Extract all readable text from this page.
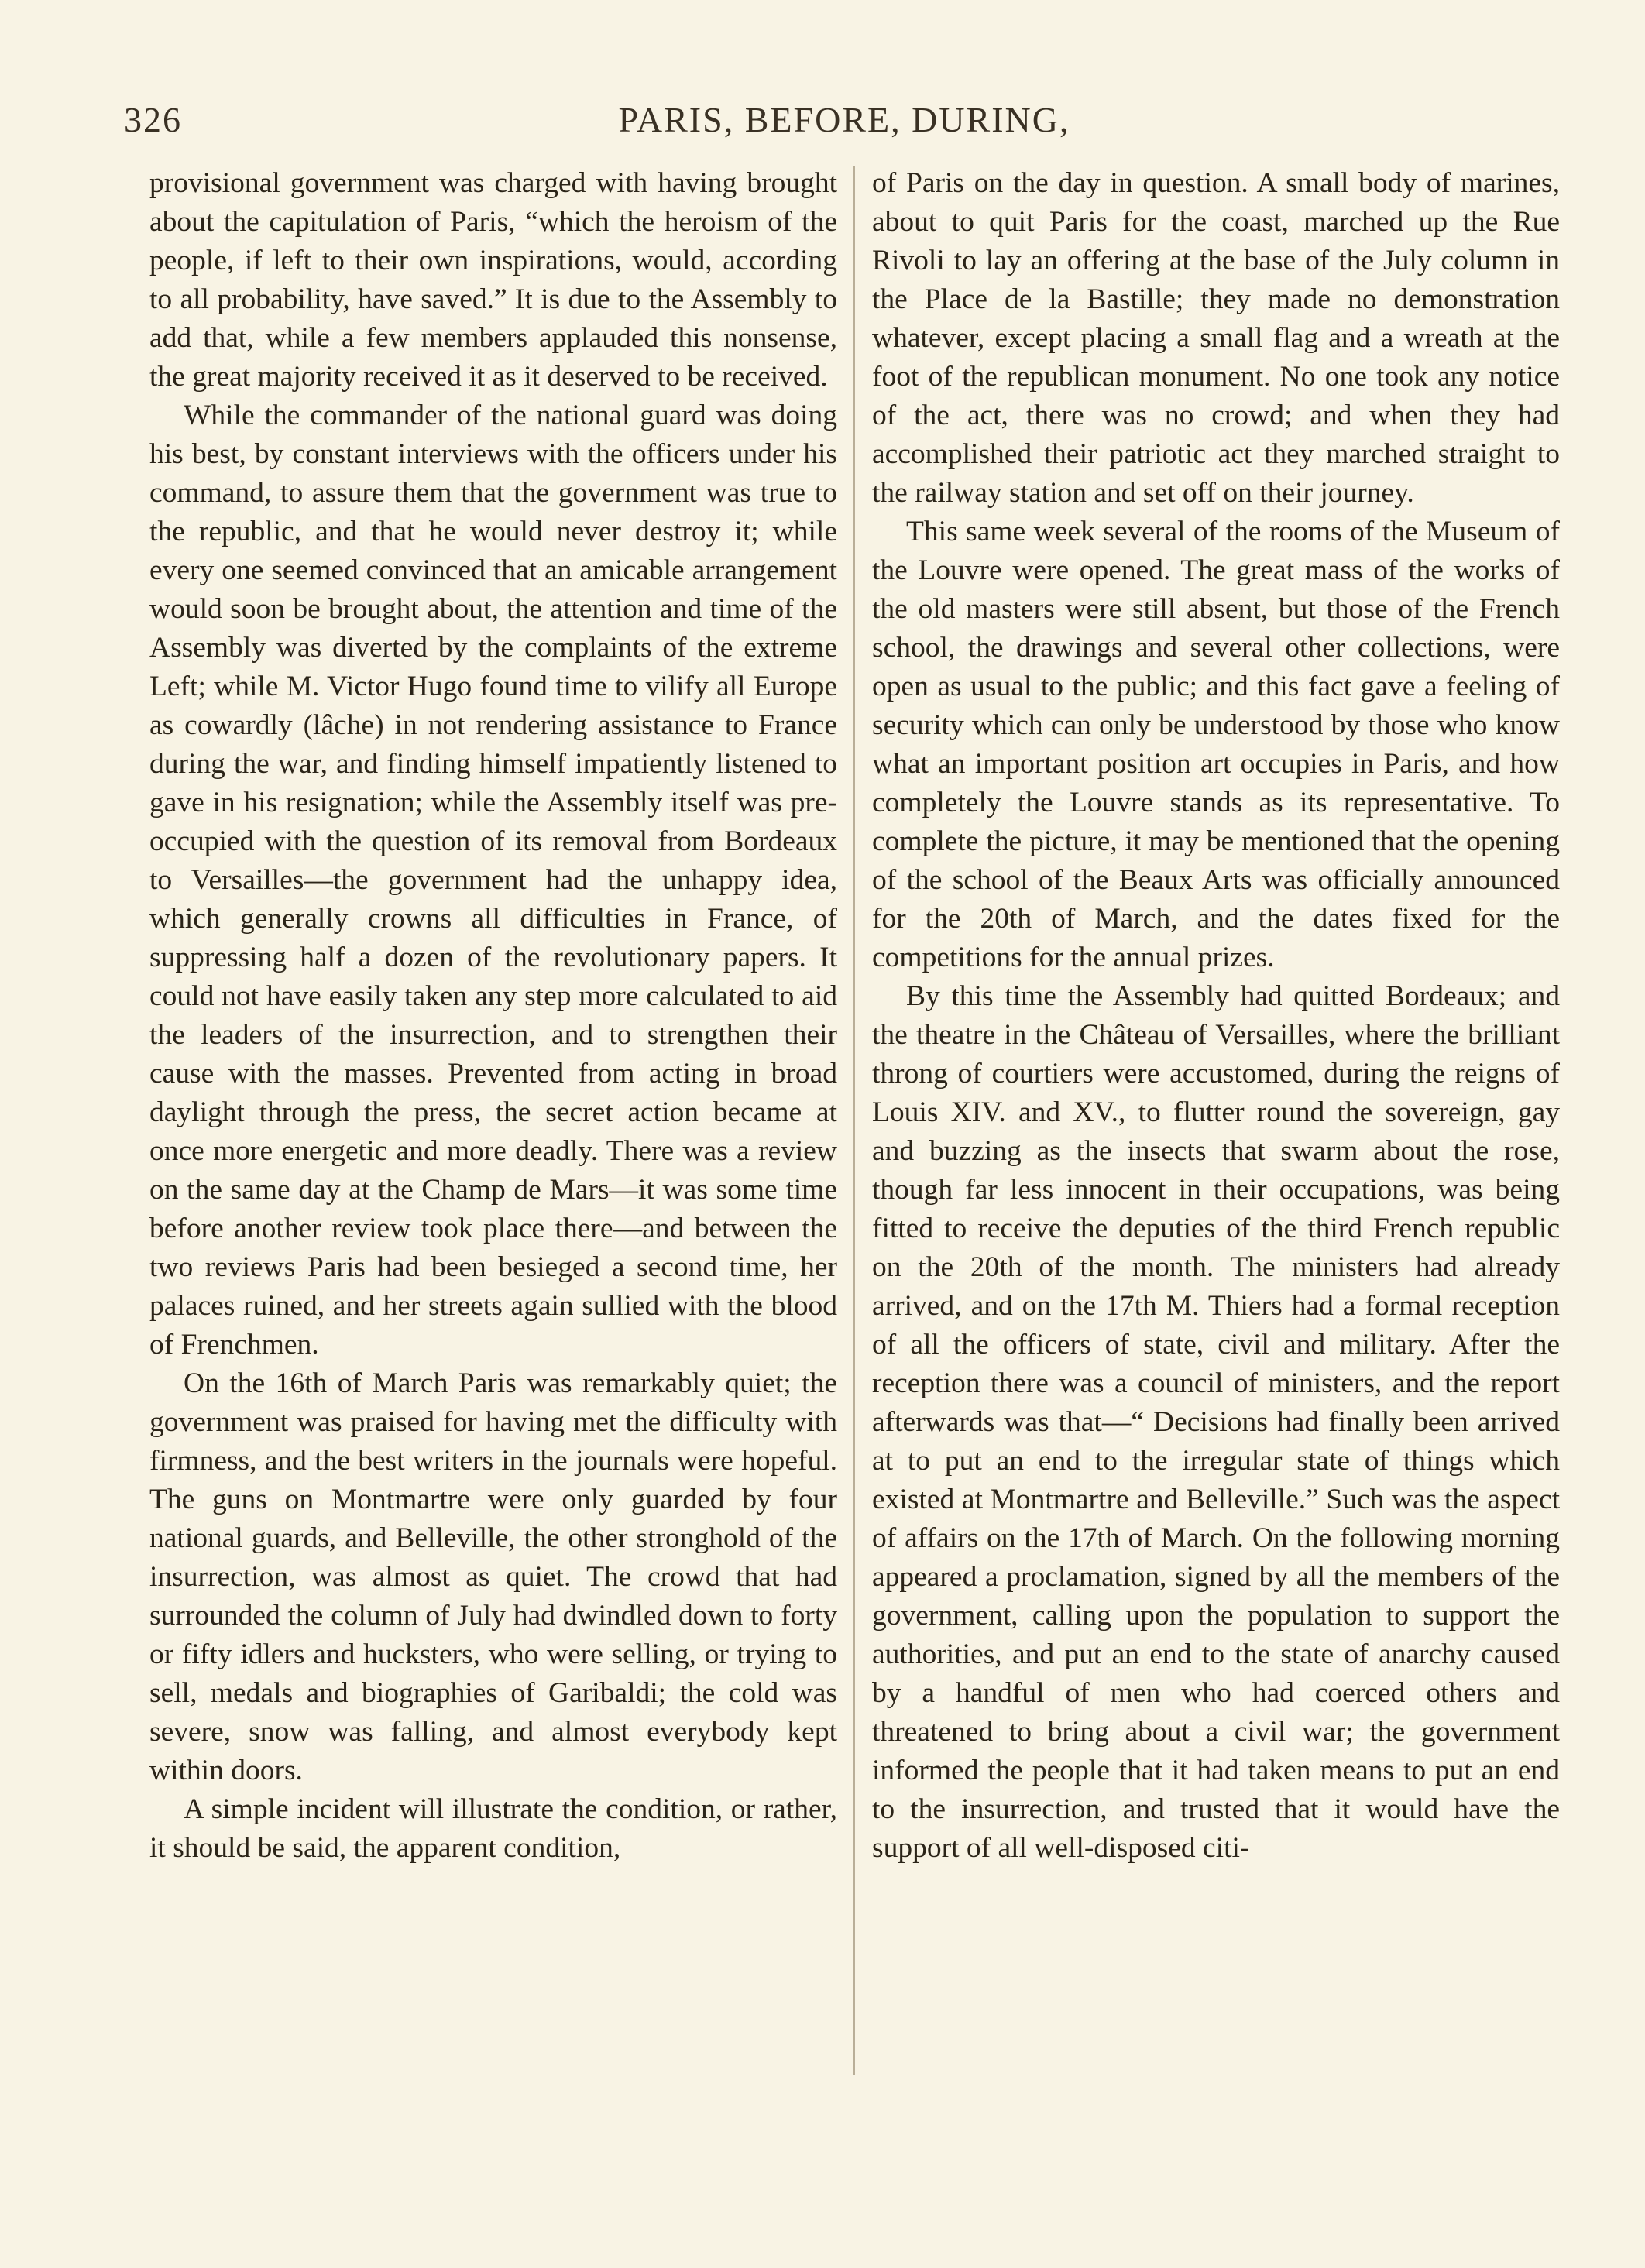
326	PARIS, BEFORE, DURING,

provisional government was charged with having brought about the capitulation of Paris, “which the heroism of the people, if left to their own inspirations, would, according to all probability, have saved.” It is due to the Assembly to add that, while a few members applauded this nonsense, the great majority received it as it deserved to be received.

While the commander of the national guard was doing his best, by constant interviews with the officers under his command, to assure them that the government was true to the republic, and that he would never destroy it; while every one seemed convinced that an amicable arrangement would soon be brought about, the attention and time of the Assembly was diverted by the complaints of the extreme Left; while M. Victor Hugo found time to vilify all Europe as cowardly (lâche) in not rendering assistance to France during the war, and finding himself impatiently listened to gave in his resignation; while the Assembly itself was pre-occupied with the question of its removal from Bordeaux to Versailles—the government had the unhappy idea, which generally crowns all difficulties in France, of suppressing half a dozen of the revolutionary papers. It could not have easily taken any step more calculated to aid the leaders of the insurrection, and to strengthen their cause with the masses. Prevented from acting in broad daylight through the press, the secret action became at once more energetic and more deadly. There was a review on the same day at the Champ de Mars—it was some time before another review took place there—and between the two reviews Paris had been besieged a second time, her palaces ruined, and her streets again sullied with the blood of Frenchmen.

On the 16th of March Paris was remarkably quiet; the government was praised for having met the difficulty with firmness, and the best writers in the journals were hopeful. The guns on Montmartre were only guarded by four national guards, and Belleville, the other stronghold of the insurrection, was almost as quiet. The crowd that had surrounded the column of July had dwindled down to forty or fifty idlers and hucksters, who were selling, or trying to sell, medals and biographies of Garibaldi; the cold was severe, snow was falling, and almost everybody kept within doors.

A simple incident will illustrate the condition, or rather, it should be said, the apparent condition,

of Paris on the day in question. A small body of marines, about to quit Paris for the coast, marched up the Rue Rivoli to lay an offering at the base of the July column in the Place de la Bastille; they made no demonstration whatever, except placing a small flag and a wreath at the foot of the republican monument. No one took any notice of the act, there was no crowd; and when they had accomplished their patriotic act they marched straight to the railway station and set off on their journey.

This same week several of the rooms of the Museum of the Louvre were opened. The great mass of the works of the old masters were still absent, but those of the French school, the drawings and several other collections, were open as usual to the public; and this fact gave a feeling of security which can only be understood by those who know what an important position art occupies in Paris, and how completely the Louvre stands as its representative. To complete the picture, it may be mentioned that the opening of the school of the Beaux Arts was officially announced for the 20th of March, and the dates fixed for the competitions for the annual prizes.

By this time the Assembly had quitted Bordeaux; and the theatre in the Château of Versailles, where the brilliant throng of courtiers were accustomed, during the reigns of Louis XIV. and XV., to flutter round the sovereign, gay and buzzing as the insects that swarm about the rose, though far less innocent in their occupations, was being fitted to receive the deputies of the third French republic on the 20th of the month. The ministers had already arrived, and on the 17th M. Thiers had a formal reception of all the officers of state, civil and military. After the reception there was a council of ministers, and the report afterwards was that—“ Decisions had finally been arrived at to put an end to the irregular state of things which existed at Montmartre and Belleville.” Such was the aspect of affairs on the 17th of March. On the following morning appeared a proclamation, signed by all the members of the government, calling upon the population to support the authorities, and put an end to the state of anarchy caused by a handful of men who had coerced others and threatened to bring about a civil war; the government informed the people that it had taken means to put an end to the insurrection, and trusted that it would have the support of all well-disposed citi-
